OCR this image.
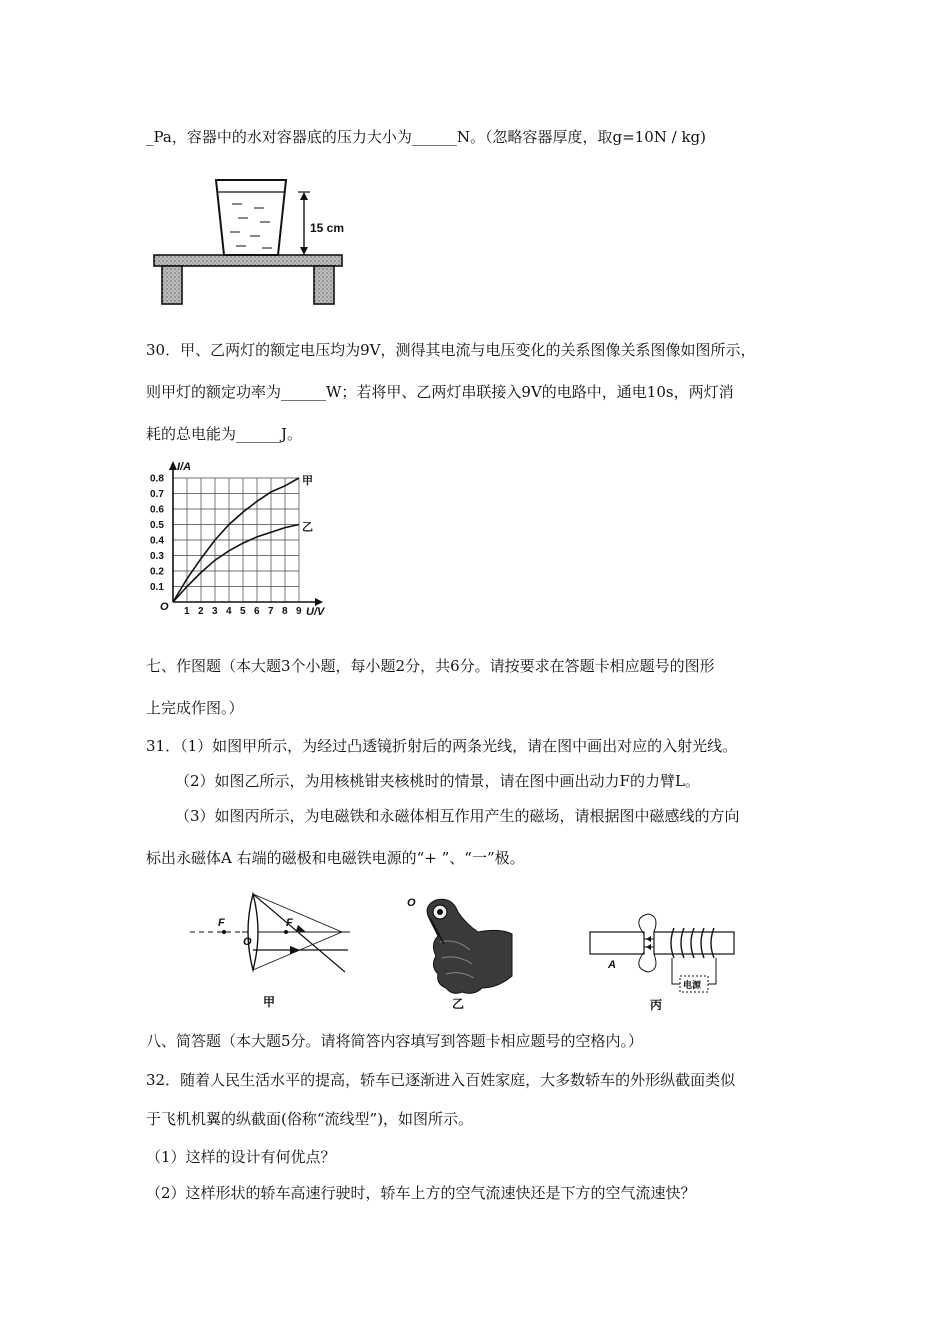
_Pa，容器中的水对容器底的压力大小为______N。（忽略容器厚度，取g=10N / kg)
15 cm
30．甲、乙两灯的额定电压均为9V，测得其电流与电压变化的关系图像关系图像如图所示，
则甲灯的额定功率为______W；若将甲、乙两灯串联接入9V的电路中，通电10s，两灯消
耗的总电能为______J。
1 2 3 4 5 6 7 8 9
0.1
0.2
0.3
0.4
0.5
0.6
0.7
0.8	甲
乙
I/A
U/V
O
七、作图题（本大题3个小题，每小题2分，共6分。请按要求在答题卡相应题号的图形
上完成作图。）
31．（1）如图甲所示，为经过凸透镜折射后的两条光线，请在图中画出对应的入射光线。
（2）如图乙所示，为用核桃钳夹核桃时的情景，请在图中画出动力F的力臂L。
（3）如图丙所示，为电磁铁和永磁体相互作用产生的磁场，请根据图中磁感线的方向
标出永磁体A 右端的磁极和电磁铁电源的“+ ”、“一”极。
F	F
O
甲
O
乙
电源
A
丙
八、简答题（本大题5分。请将简答内容填写到答题卡相应题号的空格内。）
32．随着人民生活水平的提高，轿车已逐渐进入百姓家庭，大多数轿车的外形纵截面类似
于飞机机翼的纵截面(俗称“流线型”)，如图所示。
（1）这样的设计有何优点？
（2）这样形状的轿车高速行驶时，轿车上方的空气流速快还是下方的空气流速快？
